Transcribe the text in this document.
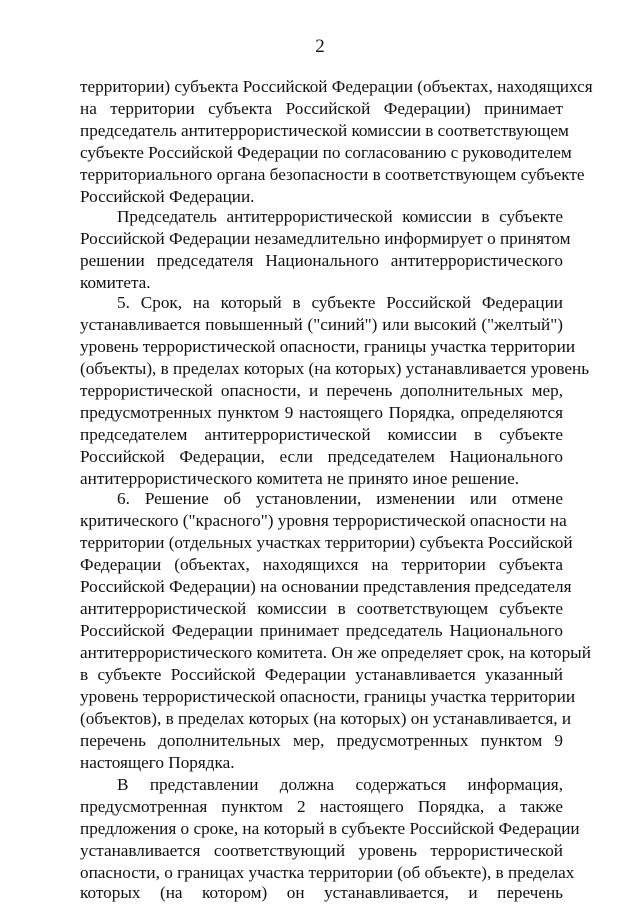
2
территории) субъекта Российской Федерации (объектах, находящихся
на территории субъекта Российской Федерации) принимает
председатель антитеррористической комиссии в соответствующем
субъекте Российской Федерации по согласованию с руководителем
территориального органа безопасности в соответствующем субъекте
Российской Федерации.
Председатель антитеррористической комиссии в субъекте
Российской Федерации незамедлительно информирует о принятом
решении председателя Национального антитеррористического
комитета.
5. Срок, на который в субъекте Российской Федерации
устанавливается повышенный ("синий") или высокий ("желтый")
уровень террористической опасности, границы участка территории
(объекты), в пределах которых (на которых) устанавливается уровень
террористической опасности, и перечень дополнительных мер,
предусмотренных пунктом 9 настоящего Порядка, определяются
председателем антитеррористической комиссии в субъекте
Российской Федерации, если председателем Национального
антитеррористического комитета не принято иное решение.
6. Решение об установлении, изменении или отмене
критического ("красного") уровня террористической опасности на
территории (отдельных участках территории) субъекта Российской
Федерации (объектах, находящихся на территории субъекта
Российской Федерации) на основании представления председателя
антитеррористической комиссии в соответствующем субъекте
Российской Федерации принимает председатель Национального
антитеррористического комитета. Он же определяет срок, на который
в субъекте Российской Федерации устанавливается указанный
уровень террористической опасности, границы участка территории
(объектов), в пределах которых (на которых) он устанавливается, и
перечень дополнительных мер, предусмотренных пунктом 9
настоящего Порядка.
В представлении должна содержаться информация,
предусмотренная пунктом 2 настоящего Порядка, а также
предложения о сроке, на который в субъекте Российской Федерации
устанавливается соответствующий уровень террористической
опасности, о границах участка территории (об объекте), в пределах
которых (на котором) он устанавливается, и перечень
